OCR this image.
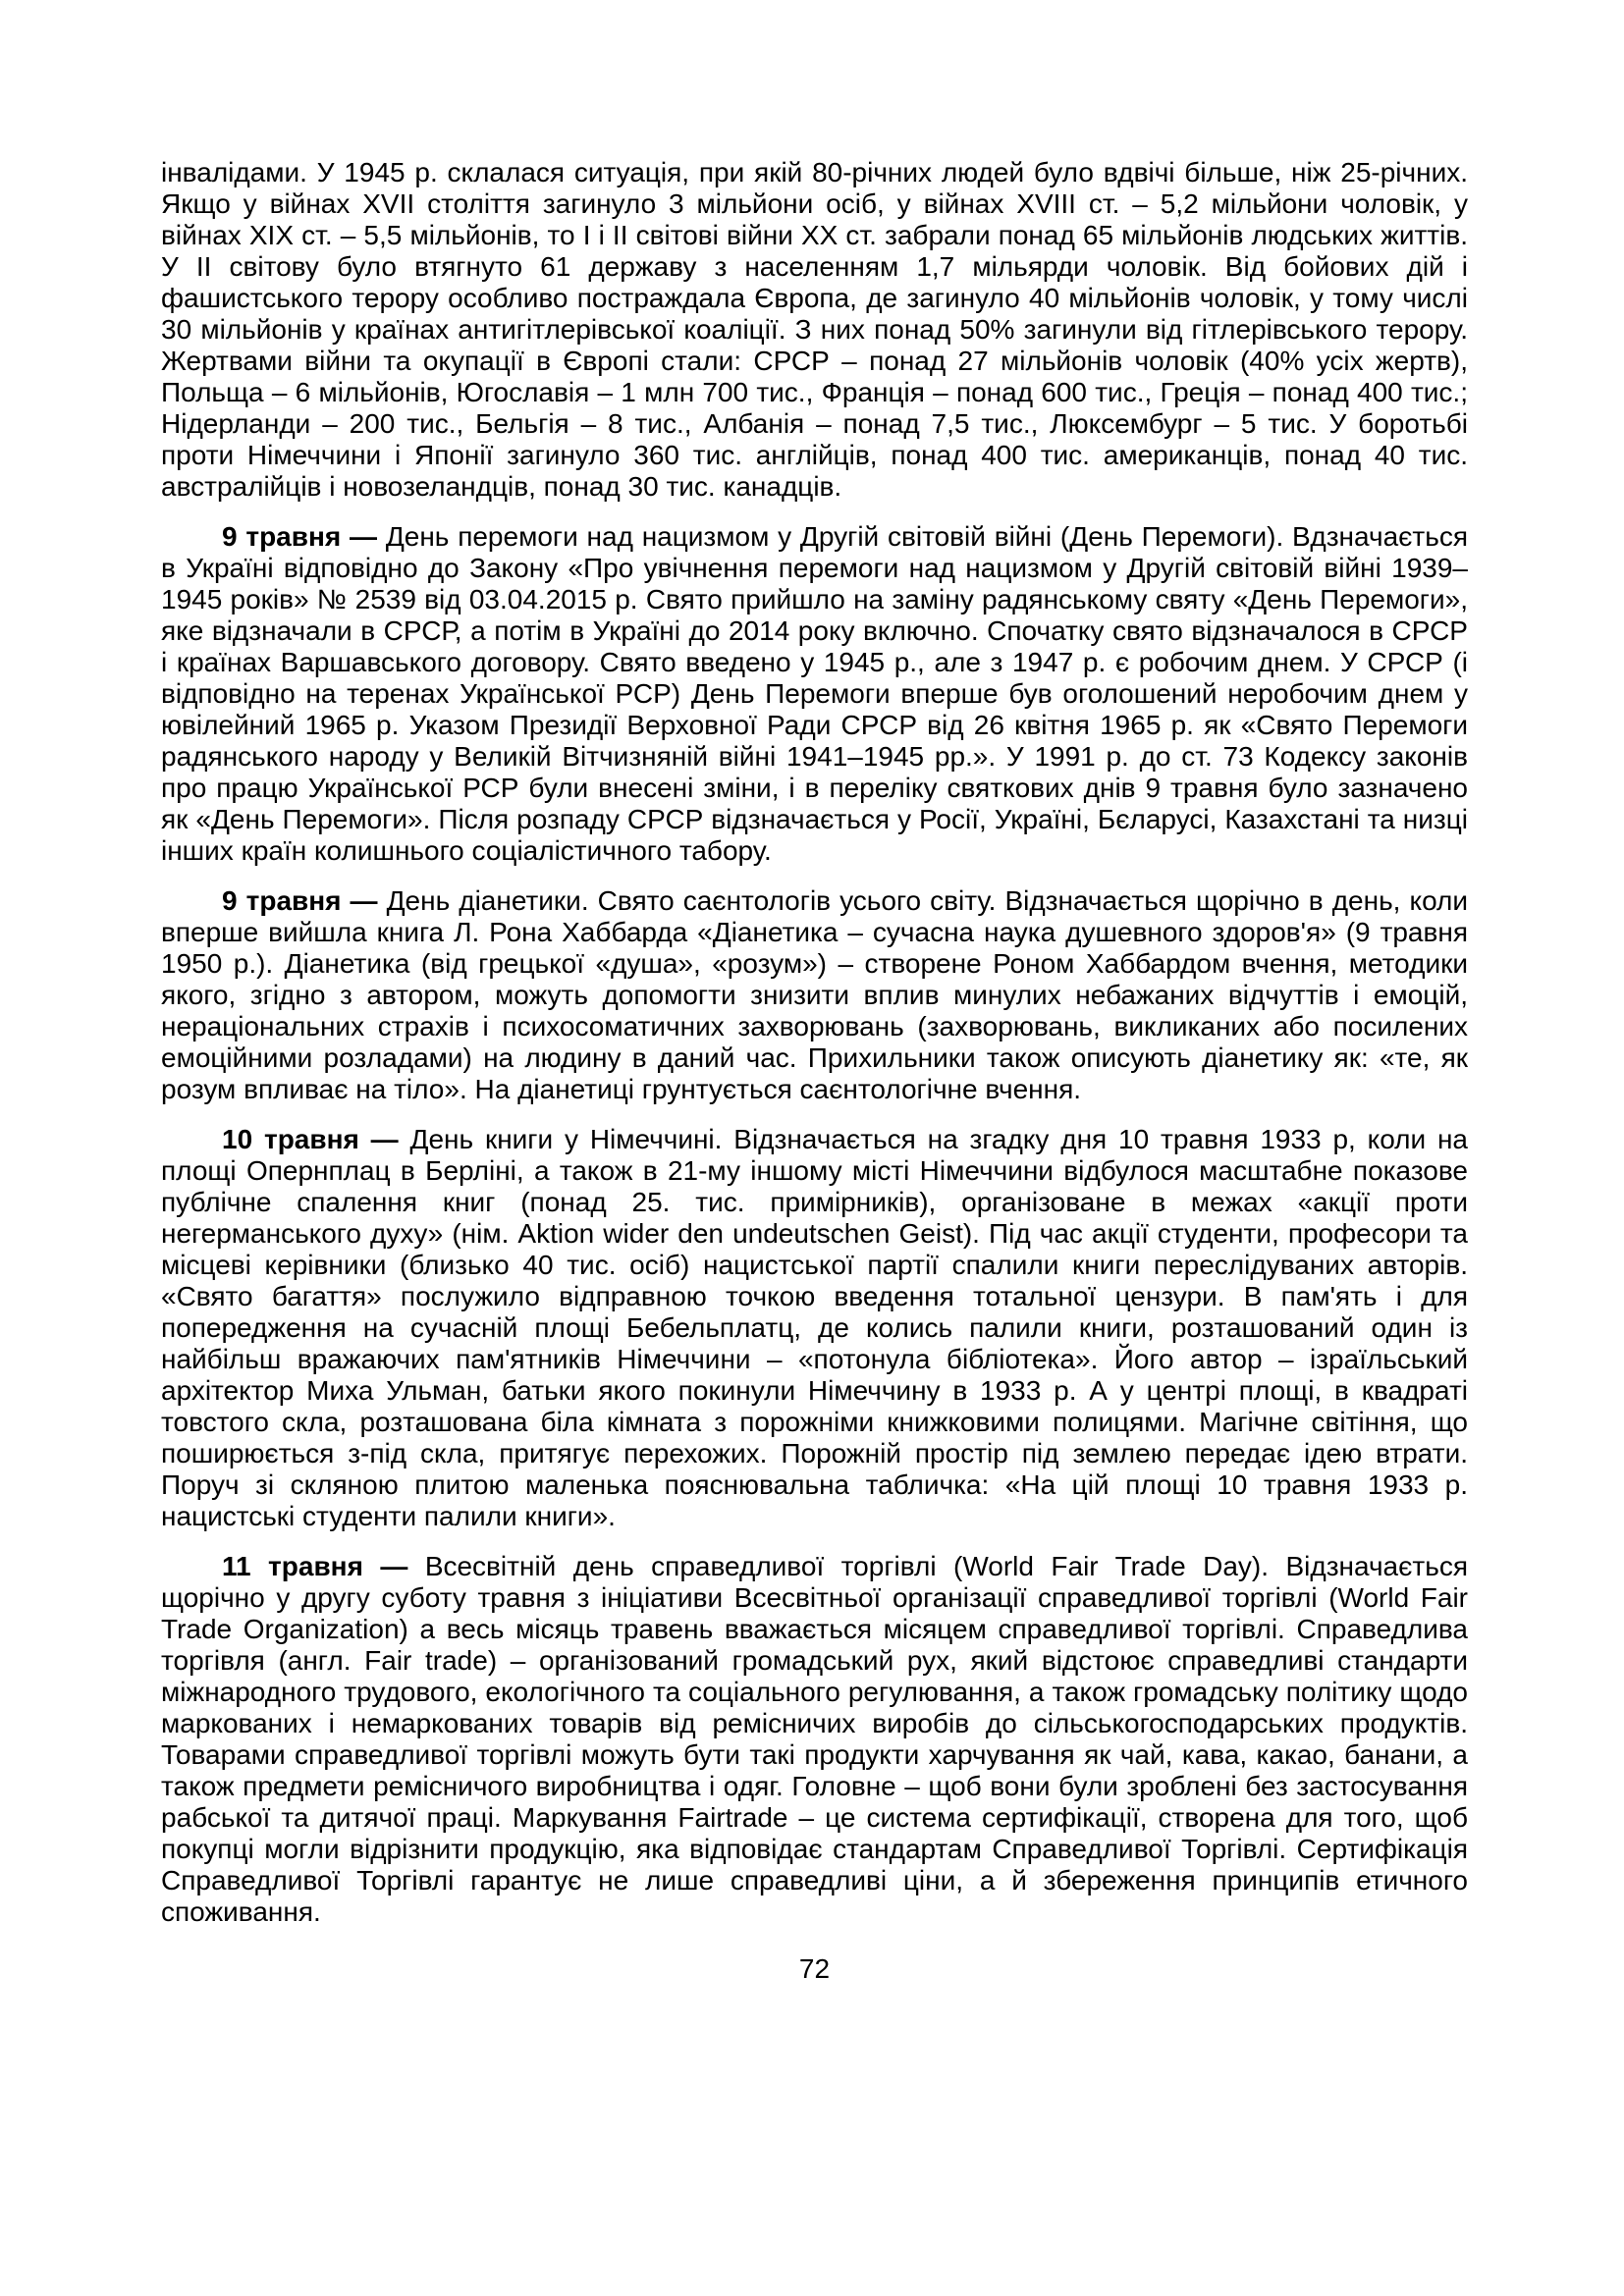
інвалідами. У 1945 р. склалася ситуація, при якій 80-річних людей було вдвічі більше, ніж 25-річних. Якщо у війнах XVII століття загинуло 3 мільйони осіб, у війнах XVIII ст. – 5,2 мільйони чоловік, у війнах XIX ст. – 5,5 мільйонів, то І і ІІ світові війни XX ст. забрали понад 65 мільйонів людських життів. У ІІ світову було втягнуто 61 державу з населенням 1,7 мільярди чоловік. Від бойових дій і фашистського терору особливо постраждала Європа, де загинуло 40 мільйонів чоловік, у тому числі 30 мільйонів у країнах антигітлерівської коаліції. З них понад 50% загинули від гітлерівського терору. Жертвами війни та окупації в Європі стали: СРСР – понад 27 мільйонів чоловік (40% усіх жертв), Польща – 6 мільйонів, Югославія – 1 млн 700 тис., Франція – понад 600 тис., Греція – понад 400 тис.; Нідерланди – 200 тис., Бельгія – 8 тис., Албанія – понад 7,5 тис., Люксембург – 5 тис. У боротьбі проти Німеччини і Японії загинуло 360 тис. англійців, понад 400 тис. американців, понад 40 тис. австралійців і новозеландців, понад 30 тис. канадців.

9 травня — День перемоги над нацизмом у Другій світовій війні (День Перемоги). Вдзначається в Україні відповідно до Закону «Про увічнення перемоги над нацизмом у Другій світовій війні 1939–1945 років» № 2539 від 03.04.2015 р. Свято прийшло на заміну радянському святу «День Перемоги», яке відзначали в СРСР, а потім в Україні до 2014 року включно. Спочатку свято відзначалося в СРСР і країнах Варшавського договору. Свято введено у 1945 р., але з 1947 р. є робочим днем. У СРСР (і відповідно на теренах Української РСР) День Перемоги вперше був оголошений неробочим днем у ювілейний 1965 р. Указом Президії Верховної Ради СРСР від 26 квітня 1965 р. як «Свято Перемоги радянського народу у Великій Вітчизняній війні 1941–1945 рр.». У 1991 р. до ст. 73 Кодексу законів про працю Української РСР були внесені зміни, і в переліку святкових днів 9 травня було зазначено як «День Перемоги». Після розпаду СРСР відзначається у Росії, Україні, Бєларусі, Казахстані та низці інших країн колишнього соціалістичного табору.

9 травня — День діанетики. Свято саєнтологів усього світу. Відзначається щорічно в день, коли вперше вийшла книга Л. Рона Хаббарда «Діанетика – сучасна наука душевного здоров'я» (9 травня 1950 р.). Діанетика (від грецької «душа», «розум») – створене Роном Хаббардом вчення, методики якого, згідно з автором, можуть допомогти знизити вплив минулих небажаних відчуттів і емоцій, нераціональних страхів і психосоматичних захворювань (захворювань, викликаних або посилених емоційними розладами) на людину в даний час. Прихильники також описують діанетику як: «те, як розум впливає на тіло». На діанетиці грунтується саєнтологічне вчення.

10 травня — День книги у Німеччині. Відзначається на згадку дня 10 травня 1933 р, коли на площі Опернплац в Берліні, а також в 21-му іншому місті Німеччини відбулося масштабне показове публічне спалення книг (понад 25. тис. примірників), організоване в межах «акції проти негерманського духу» (нім. Aktion wider den undeutschen Geist). Під час акції студенти, професори та місцеві керівники (близько 40 тис. осіб) нацистської партії спалили книги переслідуваних авторів. «Свято багаття» послужило відправною точкою введення тотальної цензури. В пам'ять і для попередження на сучасній площі Бебельплатц, де колись палили книги, розташований один із найбільш вражаючих пам'ятників Німеччини – «потонула бібліотека». Його автор – ізраїльський архітектор Миха Ульман, батьки якого покинули Німеччину в 1933 р. А у центрі площі, в квадраті товстого скла, розташована біла кімната з порожніми книжковими полицями. Магічне світіння, що поширюється з-під скла, притягує перехожих. Порожній простір під землею передає ідею втрати. Поруч зі скляною плитою маленька пояснювальна табличка: «На цій площі 10 травня 1933 р. нацистські студенти палили книги».

11 травня — Всесвітній день справедливої торгівлі (World Fair Trade Day). Відзначається щорічно у другу суботу травня з ініціативи Всесвітньої організації справедливої торгівлі (World Fair Trade Organization) а весь місяць травень вважається місяцем справедливої торгівлі. Справедлива торгівля (англ. Fair trade) – організований громадський рух, який відстоює справедливі стандарти міжнародного трудового, екологічного та соціального регулювання, а також громадську політику щодо маркованих і немаркованих товарів від ремісничих виробів до сільськогосподарських продуктів. Товарами справедливої торгівлі можуть бути такі продукти харчування як чай, кава, какао, банани, а також предмети ремісничого виробництва і одяг. Головне – щоб вони були зроблені без застосування рабської та дитячої праці. Маркування Fairtrade – це система сертифікації, створена для того, щоб покупці могли відрізнити продукцію, яка відповідає стандартам Справедливої Торгівлі. Сертифікація Справедливої Торгівлі гарантує не лише справедливі ціни, а й збереження принципів етичного споживання.

72
